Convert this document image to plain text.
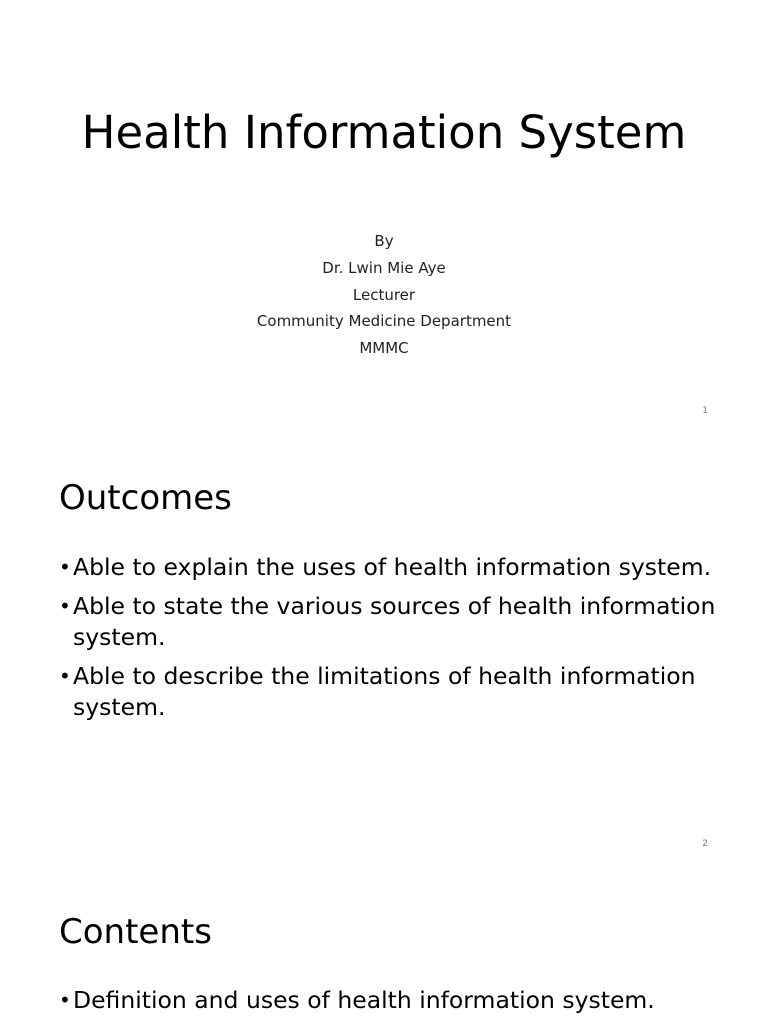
Health Information System
By
Dr. Lwin Mie Aye
Lecturer
Community Medicine Department
MMMC
1
Outcomes
• Able to explain the uses of health information system.
• Able to state the various sources of health information system.
• Able to describe the limitations of health information system.
2
Contents
• Definition and uses of health information system.
